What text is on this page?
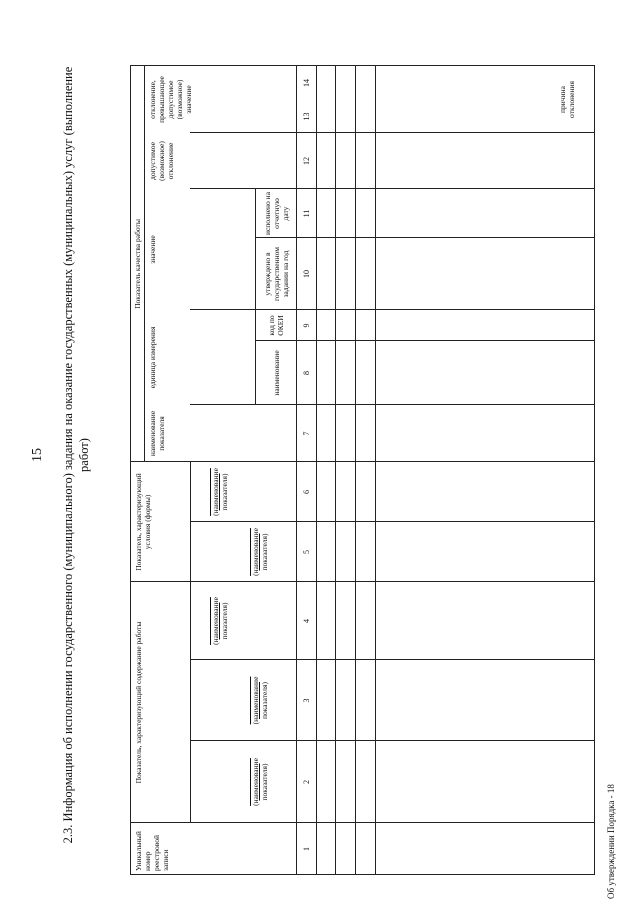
15 2.3. Информация об исполнении государственного (муниципального) задания на оказание государственных (муниципальных) услуг (выполнение работ)
Уникальный номер реестровой записи
Показатель, характеризующий содержание работы
Показатель, характеризующий условия (формы)
Показатель качества работы
(наименование показателя)
(наименование показателя)
(наименование показателя)
(наименование показателя)
(наименование показателя)
наименование показателя
единица измерения
значение
допустимое (возможное) отклонение
отклонение, превышающее допустимое (возможное) значение
наименование
код по ОКЕИ
утверждено в государственном задании на год
исполнено на отчетную дату
причина отклонения
1
2
3
4
5
6
7
8
9
10
11
12
13
14
Об утверждении Порядка - 18
